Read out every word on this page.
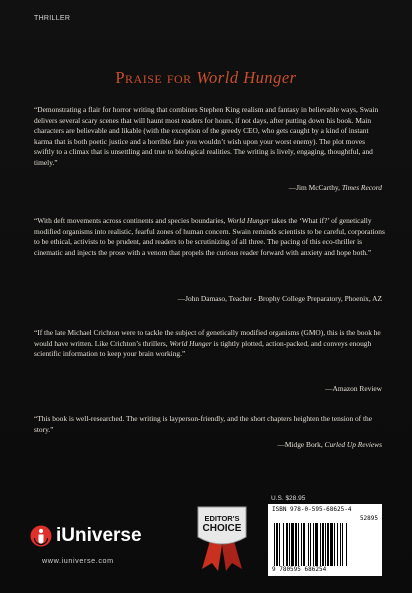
THRILLER
Praise for World Hunger
“Demonstrating a flair for horror writing that combines Stephen King realism and fantasy in believable ways, Swain delivers several scary scenes that will haunt most readers for hours, if not days, after putting down his book. Main characters are believable and likable (with the exception of the greedy CEO, who gets caught by a kind of instant karma that is both poetic justice and a horrible fate you wouldn’t wish upon your worst enemy). The plot moves swiftly to a climax that is unsettling and true to biological realities. The writing is lively, engaging, thoughtful, and timely.”
—Jim McCarthy, Times Record
“With deft movements across continents and species boundaries, World Hunger takes the ‘What if?’ of genetically modified organisms into realistic, fearful zones of human concern. Swain reminds scientists to be careful, corporations to be ethical, activists to be prudent, and readers to be scrutinizing of all three. The pacing of this eco-thriller is cinematic and injects the prose with a venom that propels the curious reader forward with anxiety and hope both.”
—John Damaso, Teacher - Brophy College Preparatory, Phoenix, AZ
“If the late Michael Crichton were to tackle the subject of genetically modified organisms (GMO), this is the book he would have written. Like Crichton’s thrillers, World Hunger is tightly plotted, action-packed, and conveys enough scientific information to keep your brain working.”
—Amazon Review
“This book is well-researched. The writing is layperson-friendly, and the short chapters heighten the tension of the story.”
—Midge Bork, Curled Up Reviews
iUniverse
www.iuniverse.com
EDITOR'S
CHOICE
U.S. $28.95
ISBN 978-0-595-68625-4
52895
9 780595 686254
